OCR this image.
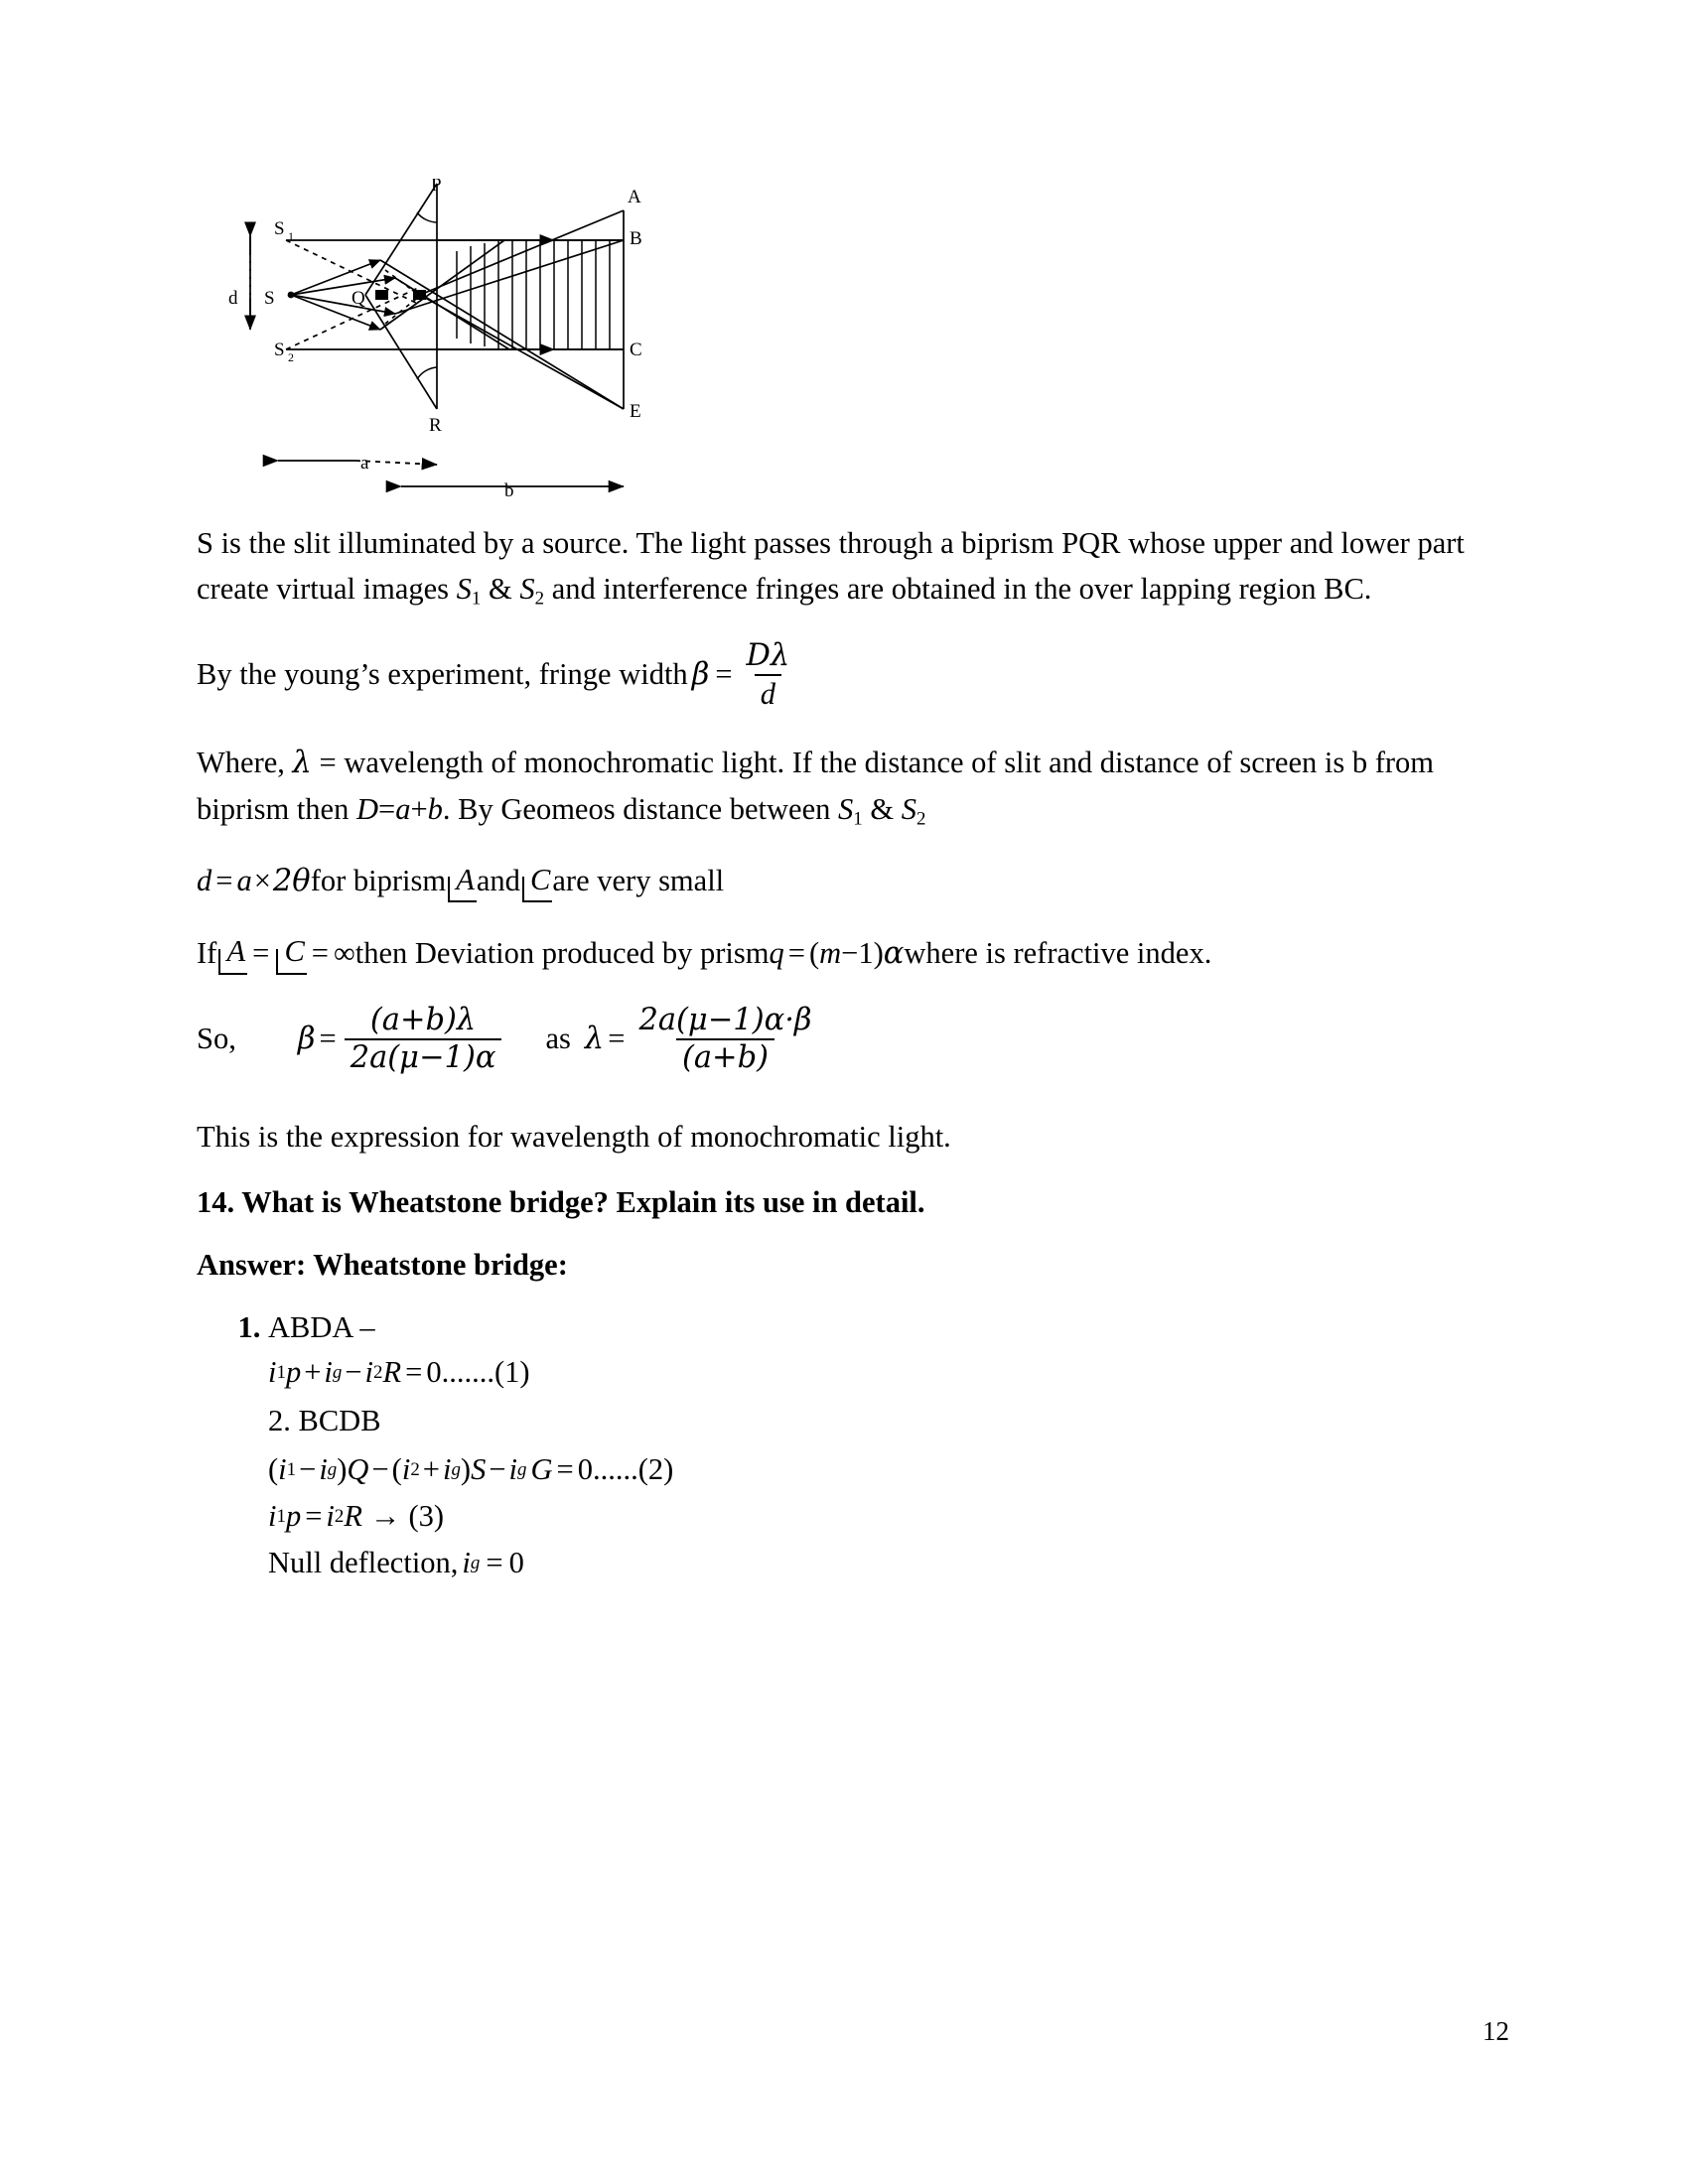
S 1
S 2
S
d
P
Q
R
A
B
C
E
a
b

S is the slit illuminated by a source. The light passes through a biprism PQR whose upper and lower part create virtual images $S_1$ & $S_2$ and interference fringes are obtained in the over lapping region BC.

By the young’s experiment, fringe width $\beta = \frac{D\lambda}{d}$

Where, λ = wavelength of monochromatic light. If the distance of slit and distance of screen is b from biprism then D=a+b. By Geomeos distance between $S_1$ & $S_2$

d = a × 2θ for biprism A and C are very small
If A = C = ∞ then Deviation produced by prism q = ( m − 1 ) α where is refractive index.
So, $\beta = \frac{(a+b)\lambda}{2a(\mu-1)\alpha}$ as $\lambda = \frac{2a(\mu-1)\alpha\cdot\beta}{(a+b)}$

This is the expression for wavelength of monochromatic light.

14. What is Wheatstone bridge? Explain its use in detail.
Answer: Wheatstone bridge:
1. ABDA –
i 1 p + i g − i 2 R = 0 ....... (1)
2. BCDB
( i 1 − i g ) Q − ( i 2 + i g ) S − i g G = 0 ...... (2)
i 1 p = i 2 R → (3)
Null deflection, i g = 0
12
